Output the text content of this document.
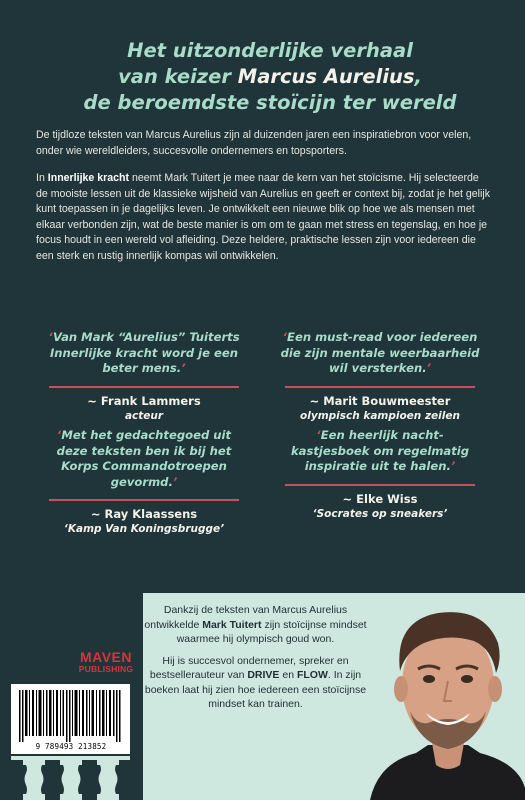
Het uitzonderlijke verhaal
van keizer Marcus Aurelius,
de beroemdste stoïcijn ter wereld

De tijdloze teksten van Marcus Aurelius zijn al duizenden jaren een inspiratiebron voor velen, onder wie wereldleiders, succesvolle ondernemers en topsporters.

In Innerlijke kracht neemt Mark Tuitert je mee naar de kern van het stoïcisme. Hij selecteerde de mooiste lessen uit de klassieke wijsheid van Aurelius en geeft er context bij, zodat je het gelijk kunt toepassen in je dagelijks leven. Je ontwikkelt een nieuwe blik op hoe we als mensen met elkaar verbonden zijn, wat de beste manier is om om te gaan met stress en tegenslag, en hoe je focus houdt in een wereld vol afleiding. Deze heldere, praktische lessen zijn voor iedereen die een sterk en rustig innerlijk kompas wil ontwikkelen.

‘Van Mark “Aurelius” Tuiterts Innerlijke kracht word je een beter mens.’
~ Frank Lammers
acteur
‘Een must-read voor iedereen die zijn mentale weerbaarheid wil versterken.’
~ Marit Bouwmeester
olympisch kampioen zeilen
‘Met het gedachtegoed uit deze teksten ben ik bij het Korps Commandotroepen gevormd.’
~ Ray Klaassens
‘Kamp Van Koningsbrugge’
‘Een heerlijk nacht-kastjesboek om regelmatig inspiratie uit te halen.’
~ Elke Wiss
‘Socrates op sneakers’
MAVEN
PUBLISHING
9 789493 213852

Dankzij de teksten van Marcus Aurelius ontwikkelde Mark Tuitert zijn stoïcijnse mindset waarmee hij olympisch goud won.

Hij is succesvol ondernemer, spreker en bestsellerauteur van DRIVE en FLOW. In zijn boeken laat hij zien hoe iedereen een stoïcijnse mindset kan trainen.
